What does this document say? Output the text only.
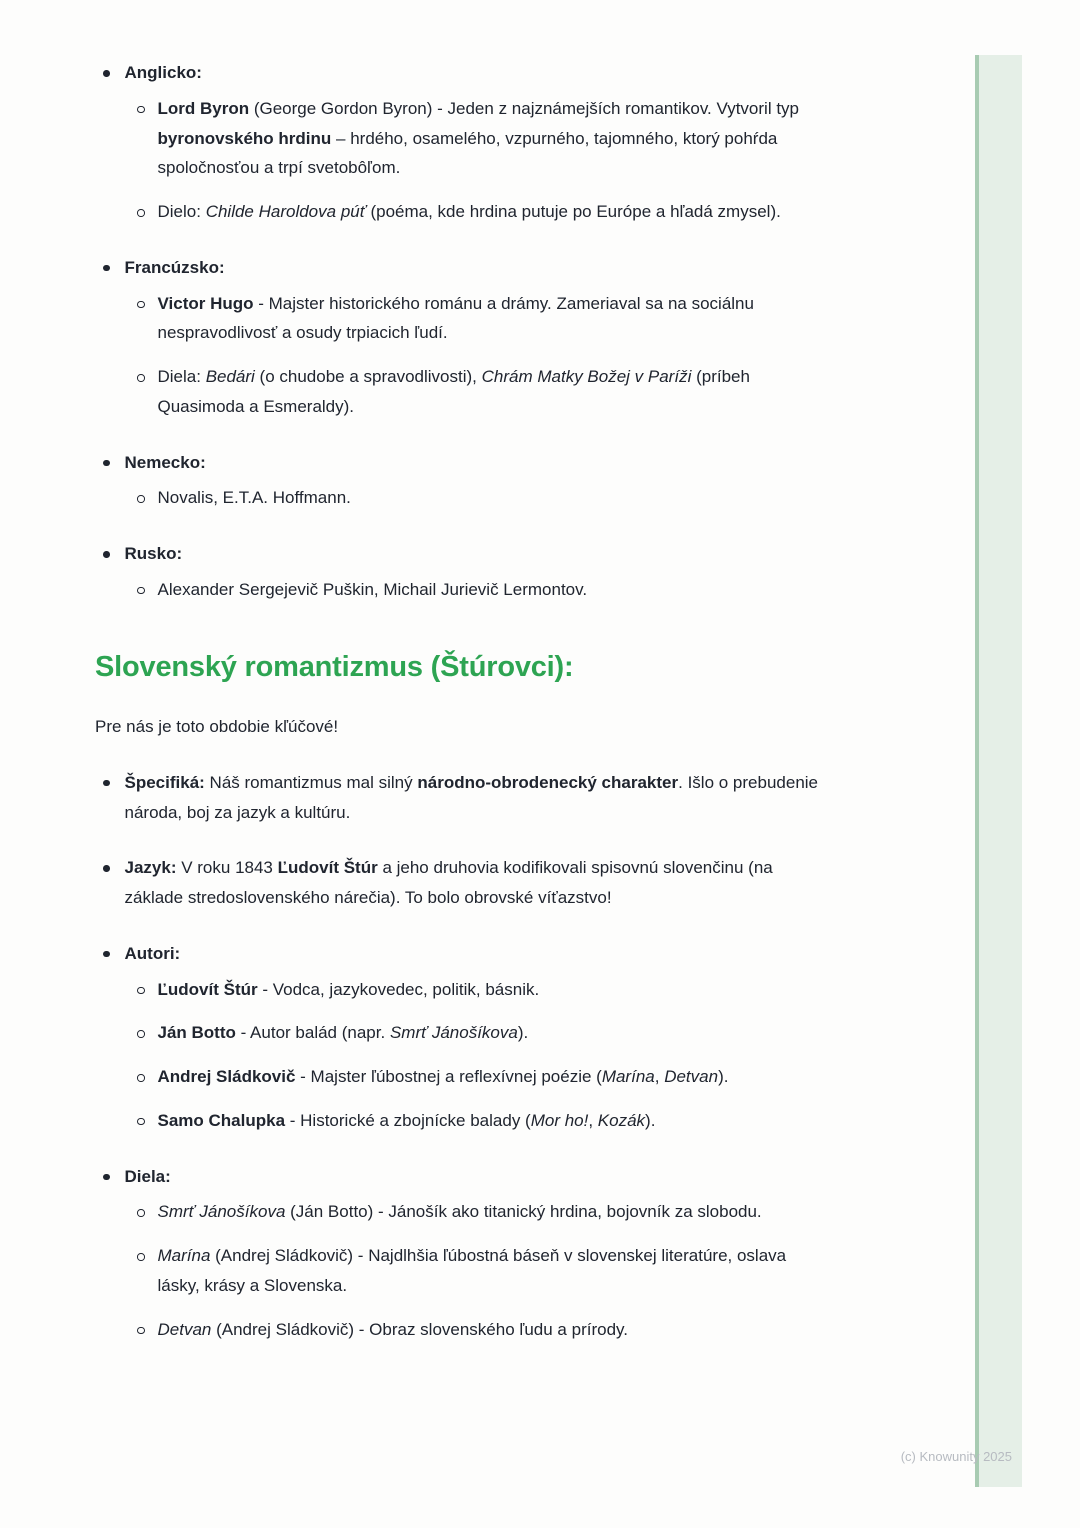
Anglicko:
Lord Byron (George Gordon Byron) - Jeden z najznámejších romantikov. Vytvoril typ byronovského hrdinu – hrdého, osamelého, vzpurného, tajomného, ktorý pohŕda spoločnosťou a trpí svetobôľom.
Dielo: Childe Haroldova púť (poéma, kde hrdina putuje po Európe a hľadá zmysel).
Francúzsko:
Victor Hugo - Majster historického románu a drámy. Zameriaval sa na sociálnu nespravodlivosť a osudy trpiacich ľudí.
Diela: Bedári (o chudobe a spravodlivosti), Chrám Matky Božej v Paríži (príbeh Quasimoda a Esmeraldy).
Nemecko:
Novalis, E.T.A. Hoffmann.
Rusko:
Alexander Sergejevič Puškin, Michail Jurievič Lermontov.
Slovenský romantizmus (Štúrovci):

Pre nás je toto obdobie kľúčové!

Špecifiká: Náš romantizmus mal silný národno-obrodenecký charakter. Išlo o prebudenie národa, boj za jazyk a kultúru.
Jazyk: V roku 1843 Ľudovít Štúr a jeho druhovia kodifikovali spisovnú slovenčinu (na základe stredoslovenského nárečia). To bolo obrovské víťazstvo!
Autori:
Ľudovít Štúr - Vodca, jazykovedec, politik, básnik.
Ján Botto - Autor balád (napr. Smrť Jánošíkova).
Andrej Sládkovič - Majster ľúbostnej a reflexívnej poézie (Marína, Detvan).
Samo Chalupka - Historické a zbojnícke balady (Mor ho!, Kozák).
Diela:
Smrť Jánošíkova (Ján Botto) - Jánošík ako titanický hrdina, bojovník za slobodu.
Marína (Andrej Sládkovič) - Najdlhšia ľúbostná báseň v slovenskej literatúre, oslava lásky, krásy a Slovenska.
Detvan (Andrej Sládkovič) - Obraz slovenského ľudu a prírody.
(c) Knowunity 2025
